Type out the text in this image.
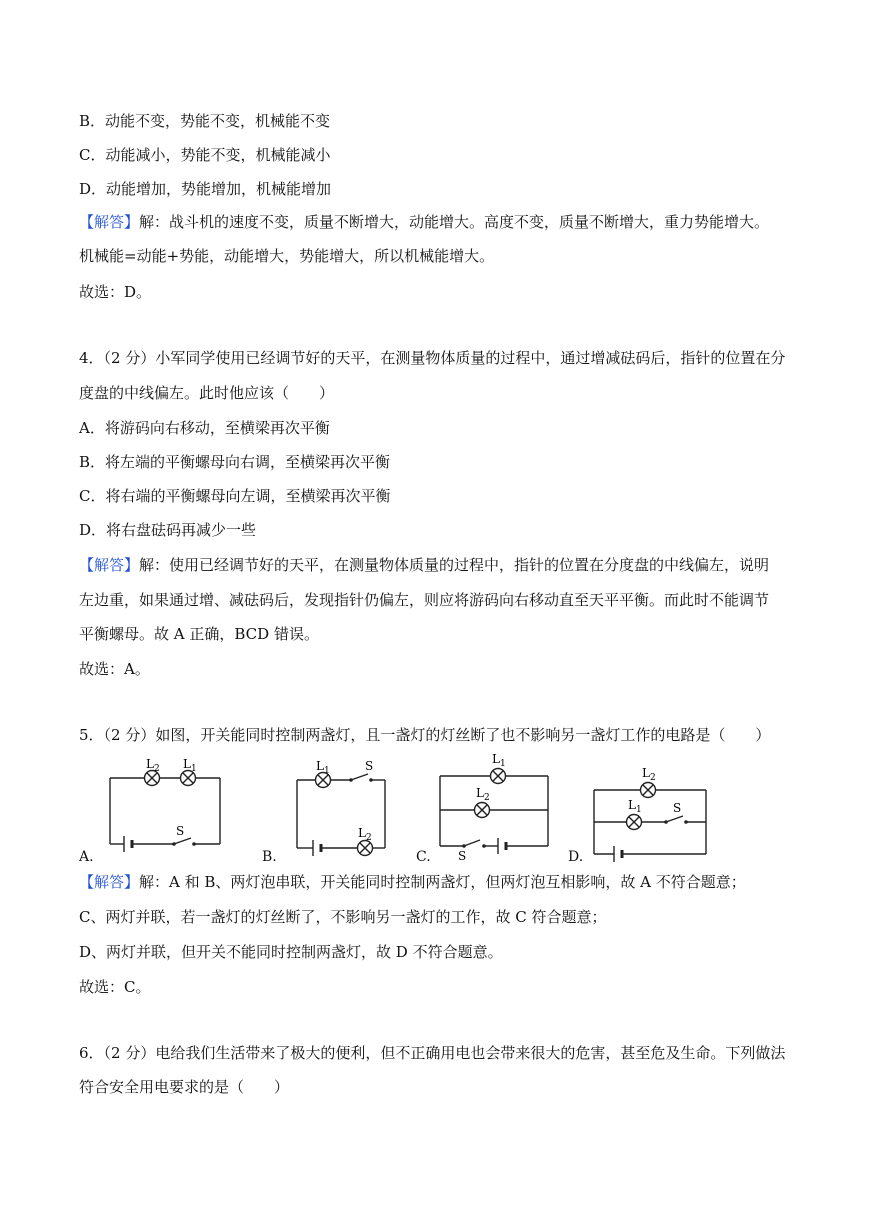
B．动能不变，势能不变，机械能不变
C．动能减小，势能不变，机械能减小
D．动能增加，势能增加，机械能增加
【解答】解：战斗机的速度不变，质量不断增大，动能增大。高度不变，质量不断增大，重力势能增大。
机械能=动能+势能，动能增大，势能增大，所以机械能增大。
故选：D。
4．（2 分）小军同学使用已经调节好的天平，在测量物体质量的过程中，通过增减砝码后，指针的位置在分
度盘的中线偏左。此时他应该（　　）
A．将游码向右移动，至横梁再次平衡
B．将左端的平衡螺母向右调，至横梁再次平衡
C．将右端的平衡螺母向左调，至横梁再次平衡
D．将右盘砝码再减少一些
【解答】解：使用已经调节好的天平，在测量物体质量的过程中，指针的位置在分度盘的中线偏左，说明
左边重，如果通过增、减砝码后，发现指针仍偏左，则应将游码向右移动直至天平平衡。而此时不能调节
平衡螺母。故 A 正确，BCD 错误。
故选：A。
5．（2 分）如图，开关能同时控制两盏灯，且一盏灯的灯丝断了也不影响另一盏灯工作的电路是（　　）
L 2 L 1
S
A.
L 1	S
L 2
B.
L 1
L 2
S
C.
L 2
L 1	S
D.
【解答】解：A 和 B、两灯泡串联，开关能同时控制两盏灯，但两灯泡互相影响，故 A 不符合题意；
C、两灯并联，若一盏灯的灯丝断了，不影响另一盏灯的工作，故 C 符合题意；
D、两灯并联，但开关不能同时控制两盏灯，故 D 不符合题意。
故选：C。
6．（2 分）电给我们生活带来了极大的便利，但不正确用电也会带来很大的危害，甚至危及生命。下列做法
符合安全用电要求的是（　　）
